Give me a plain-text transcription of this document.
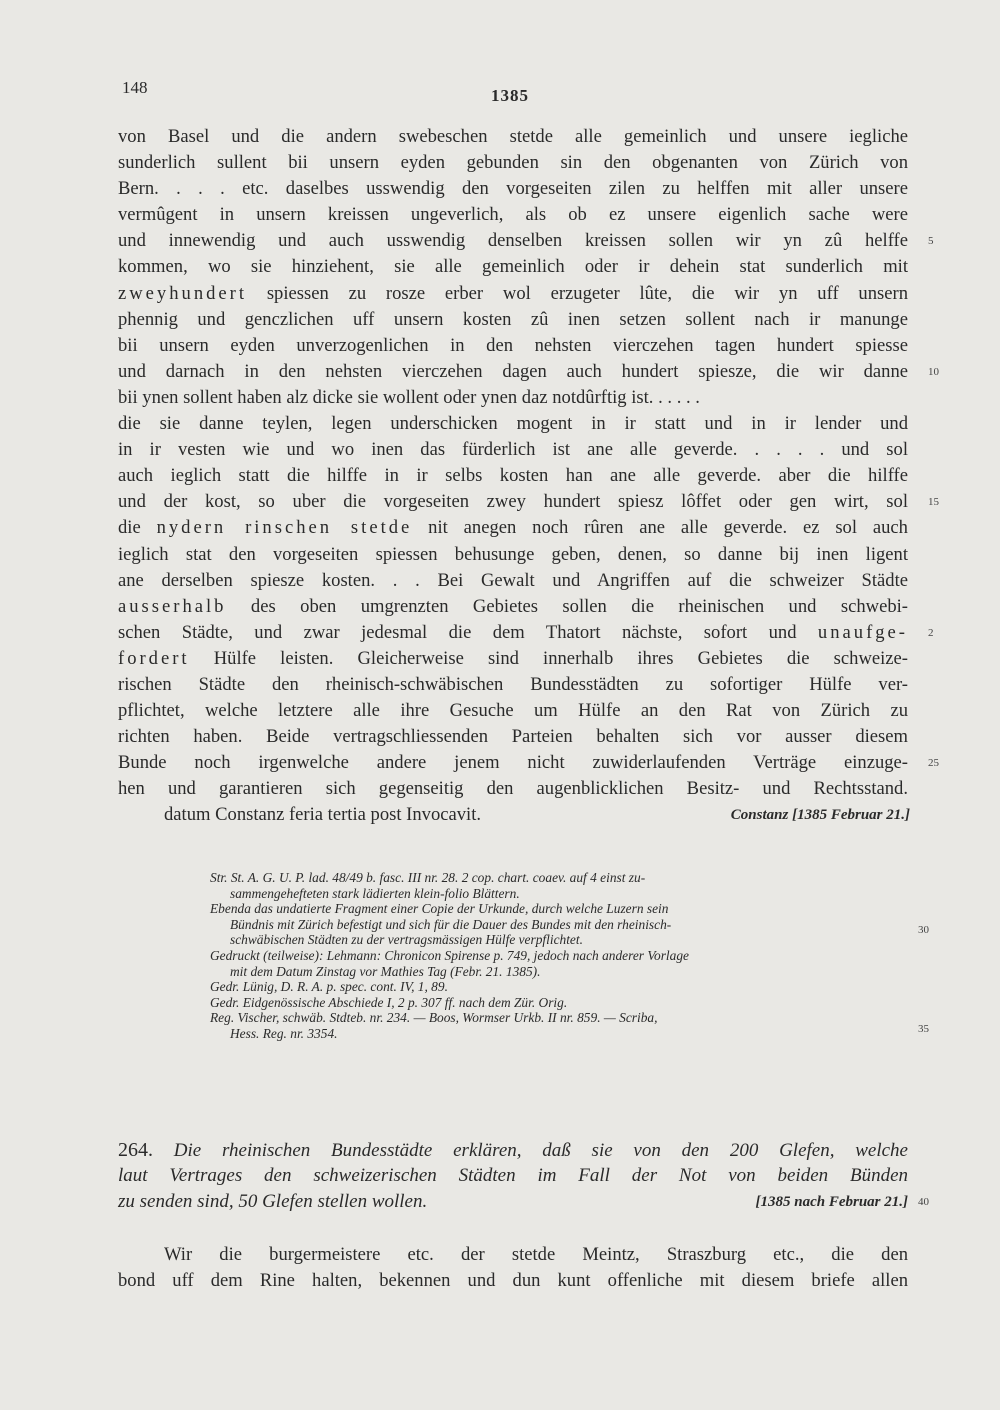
148	1385
von Basel und die andern swebeschen stetde alle gemeinlich und unsere iegliche
sunderlich sullent bii unsern eyden gebunden sin den obgenanten von Zürich von
Bern. . . . etc. daselbes usswendig den vorgeseiten zilen zu helffen mit aller unsere
vermûgent in unsern kreissen ungeverlich, als ob ez unsere eigenlich sache were
und innewendig und auch usswendig denselben kreissen sollen wir yn zû helffe 5
kommen, wo sie hinziehent, sie alle gemeinlich oder ir dehein stat sunderlich mit
zweyhundert spiessen zu rosze erber wol erzugeter lûte, die wir yn uff unsern
phennig und genczlichen uff unsern kosten zû inen setzen sollent nach ir manunge
bii unsern eyden unverzogenlichen in den nehsten vierczehen tagen hundert spiesse
und darnach in den nehsten vierczehen dagen auch hundert spiesze, die wir danne 10
bii ynen sollent haben alz dicke sie wollent oder ynen daz notdûrftig ist. . . . . .
die sie danne teylen, legen underschicken mogent in ir statt und in ir lender und
in ir vesten wie und wo inen das fürderlich ist ane alle geverde. . . . . und sol
auch ieglich statt die hilffe in ir selbs kosten han ane alle geverde. aber die hilffe
und der kost, so uber die vorgeseiten zwey hundert spiesz lôffet oder gen wirt, sol 15
die nydern rinschen stetde nit anegen noch rûren ane alle geverde. ez sol auch
ieglich stat den vorgeseiten spiessen behusunge geben, denen, so danne bij inen ligent
ane derselben spiesze kosten. . . Bei Gewalt und Angriffen auf die schweizer Städte
ausserhalb des oben umgrenzten Gebietes sollen die rheinischen und schwebi-
schen Städte, und zwar jedesmal die dem Thatort nächste, sofort und unaufge- 2
fordert Hülfe leisten. Gleicherweise sind innerhalb ihres Gebietes die schweize-
rischen Städte den rheinisch-schwäbischen Bundesstädten zu sofortiger Hülfe ver-
pflichtet, welche letztere alle ihre Gesuche um Hülfe an den Rat von Zürich zu
richten haben. Beide vertragschliessenden Parteien behalten sich vor ausser diesem
Bunde noch irgenwelche andere jenem nicht zuwiderlaufenden Verträge einzuge- 25
hen und garantieren sich gegenseitig den augenblicklichen Besitz- und Rechtsstand.
datum Constanz feria tertia post Invocavit.	Constanz [1385 Februar 21.]
Str. St. A. G. U. P. lad. 48/49 b. fasc. III nr. 28. 2 cop. chart. coaev. auf 4 einst zu-
sammengehefteten stark lädierten klein-folio Blättern.
Ebenda das undatierte Fragment einer Copie der Urkunde, durch welche Luzern sein
Bündnis mit Zürich befestigt und sich für die Dauer des Bundes mit den rheinisch-
schwäbischen Städten zu der vertragsmässigen Hülfe verpflichtet.
Gedruckt (teilweise): Lehmann: Chronicon Spirense p. 749, jedoch nach anderer Vorlage
mit dem Datum Zinstag vor Mathies Tag (Febr. 21. 1385).
Gedr. Lünig, D. R. A. p. spec. cont. IV, 1, 89.
Gedr. Eidgenössische Abschiede I, 2 p. 307 ff. nach dem Zür. Orig.
Reg. Vischer, schwäb. Stdteb. nr. 234. — Boos, Wormser Urkb. II nr. 859. — Scriba,
Hess. Reg. nr. 3354.
30
35
264. Die rheinischen Bundesstädte erklären, daß sie von den 200 Glefen, welche
laut Vertrages den schweizerischen Städten im Fall der Not von beiden Bünden
zu senden sind, 50 Glefen stellen wollen.	[1385 nach Februar 21.] 40
Wir die burgermeistere etc. der stetde Meintz, Straszburg etc., die den
bond uff dem Rine halten, bekennen und dun kunt offenliche mit diesem briefe allen
